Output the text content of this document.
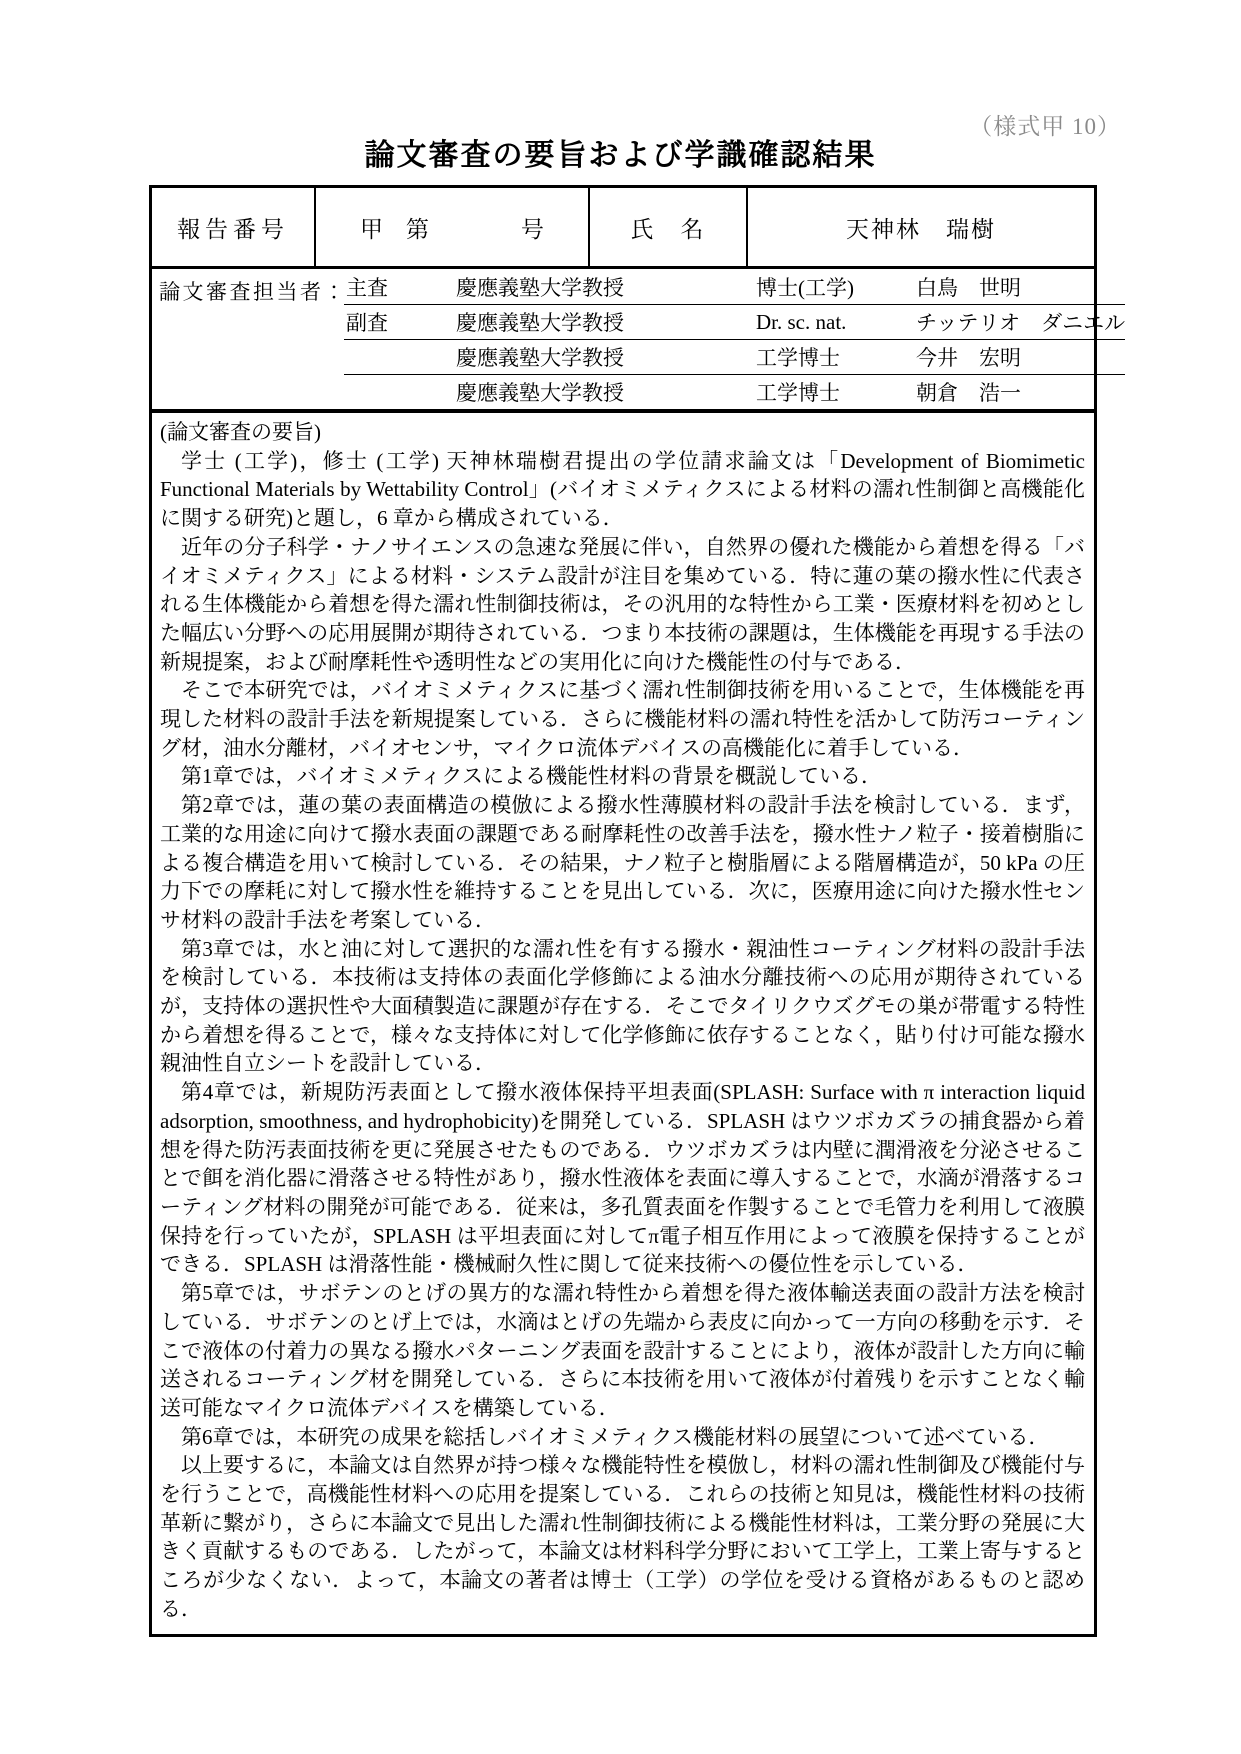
（様式甲 10）
論文審査の要旨および学識確認結果
報告番号	甲　第　　　　号	氏　名	天神林　瑞樹
論文審査担当者： 主査	慶應義塾大学教授	博士(工学)	白鳥　世明
副査	慶應義塾大学教授	Dr. sc. nat.	チッテリオ　ダニエル
慶應義塾大学教授	工学博士	今井　宏明
慶應義塾大学教授	工学博士	朝倉　浩一

(論文審査の要旨)

学士 (工学)，修士 (工学) 天神林瑞樹君提出の学位請求論文は「Development of Biomimetic Functional Materials by Wettability Control」(バイオミメティクスによる材料の濡れ性制御と高機能化に関する研究)と題し，6 章から構成されている．

近年の分子科学・ナノサイエンスの急速な発展に伴い，自然界の優れた機能から着想を得る「バイオミメティクス」による材料・システム設計が注目を集めている．特に蓮の葉の撥水性に代表される生体機能から着想を得た濡れ性制御技術は，その汎用的な特性から工業・医療材料を初めとした幅広い分野への応用展開が期待されている．つまり本技術の課題は，生体機能を再現する手法の新規提案，および耐摩耗性や透明性などの実用化に向けた機能性の付与である．

そこで本研究では，バイオミメティクスに基づく濡れ性制御技術を用いることで，生体機能を再現した材料の設計手法を新規提案している．さらに機能材料の濡れ特性を活かして防汚コーティング材，油水分離材，バイオセンサ，マイクロ流体デバイスの高機能化に着手している．

第1章では，バイオミメティクスによる機能性材料の背景を概説している．

第2章では，蓮の葉の表面構造の模倣による撥水性薄膜材料の設計手法を検討している．まず，工業的な用途に向けて撥水表面の課題である耐摩耗性の改善手法を，撥水性ナノ粒子・接着樹脂による複合構造を用いて検討している．その結果，ナノ粒子と樹脂層による階層構造が，50 kPa の圧力下での摩耗に対して撥水性を維持することを見出している．次に，医療用途に向けた撥水性センサ材料の設計手法を考案している．

第3章では，水と油に対して選択的な濡れ性を有する撥水・親油性コーティング材料の設計手法を検討している．本技術は支持体の表面化学修飾による油水分離技術への応用が期待されているが，支持体の選択性や大面積製造に課題が存在する．そこでタイリクウズグモの巣が帯電する特性から着想を得ることで，様々な支持体に対して化学修飾に依存することなく，貼り付け可能な撥水親油性自立シートを設計している．

第4章では，新規防汚表面として撥水液体保持平坦表面(SPLASH: Surface with π interaction liquid adsorption, smoothness, and hydrophobicity)を開発している．SPLASH はウツボカズラの捕食器から着想を得た防汚表面技術を更に発展させたものである．ウツボカズラは内壁に潤滑液を分泌させることで餌を消化器に滑落させる特性があり，撥水性液体を表面に導入することで，水滴が滑落するコーティング材料の開発が可能である．従来は，多孔質表面を作製することで毛管力を利用して液膜保持を行っていたが，SPLASH は平坦表面に対してπ電子相互作用によって液膜を保持することができる．SPLASH は滑落性能・機械耐久性に関して従来技術への優位性を示している．

第5章では，サボテンのとげの異方的な濡れ特性から着想を得た液体輸送表面の設計方法を検討している．サボテンのとげ上では，水滴はとげの先端から表皮に向かって一方向の移動を示す．そこで液体の付着力の異なる撥水パターニング表面を設計することにより，液体が設計した方向に輸送されるコーティング材を開発している．さらに本技術を用いて液体が付着残りを示すことなく輸送可能なマイクロ流体デバイスを構築している．

第6章では，本研究の成果を総括しバイオミメティクス機能材料の展望について述べている．

以上要するに，本論文は自然界が持つ様々な機能特性を模倣し，材料の濡れ性制御及び機能付与を行うことで，高機能性材料への応用を提案している．これらの技術と知見は，機能性材料の技術革新に繋がり，さらに本論文で見出した濡れ性制御技術による機能性材料は，工業分野の発展に大きく貢献するものである．したがって，本論文は材料科学分野において工学上，工業上寄与するところが少なくない．よって，本論文の著者は博士（工学）の学位を受ける資格があるものと認める．
